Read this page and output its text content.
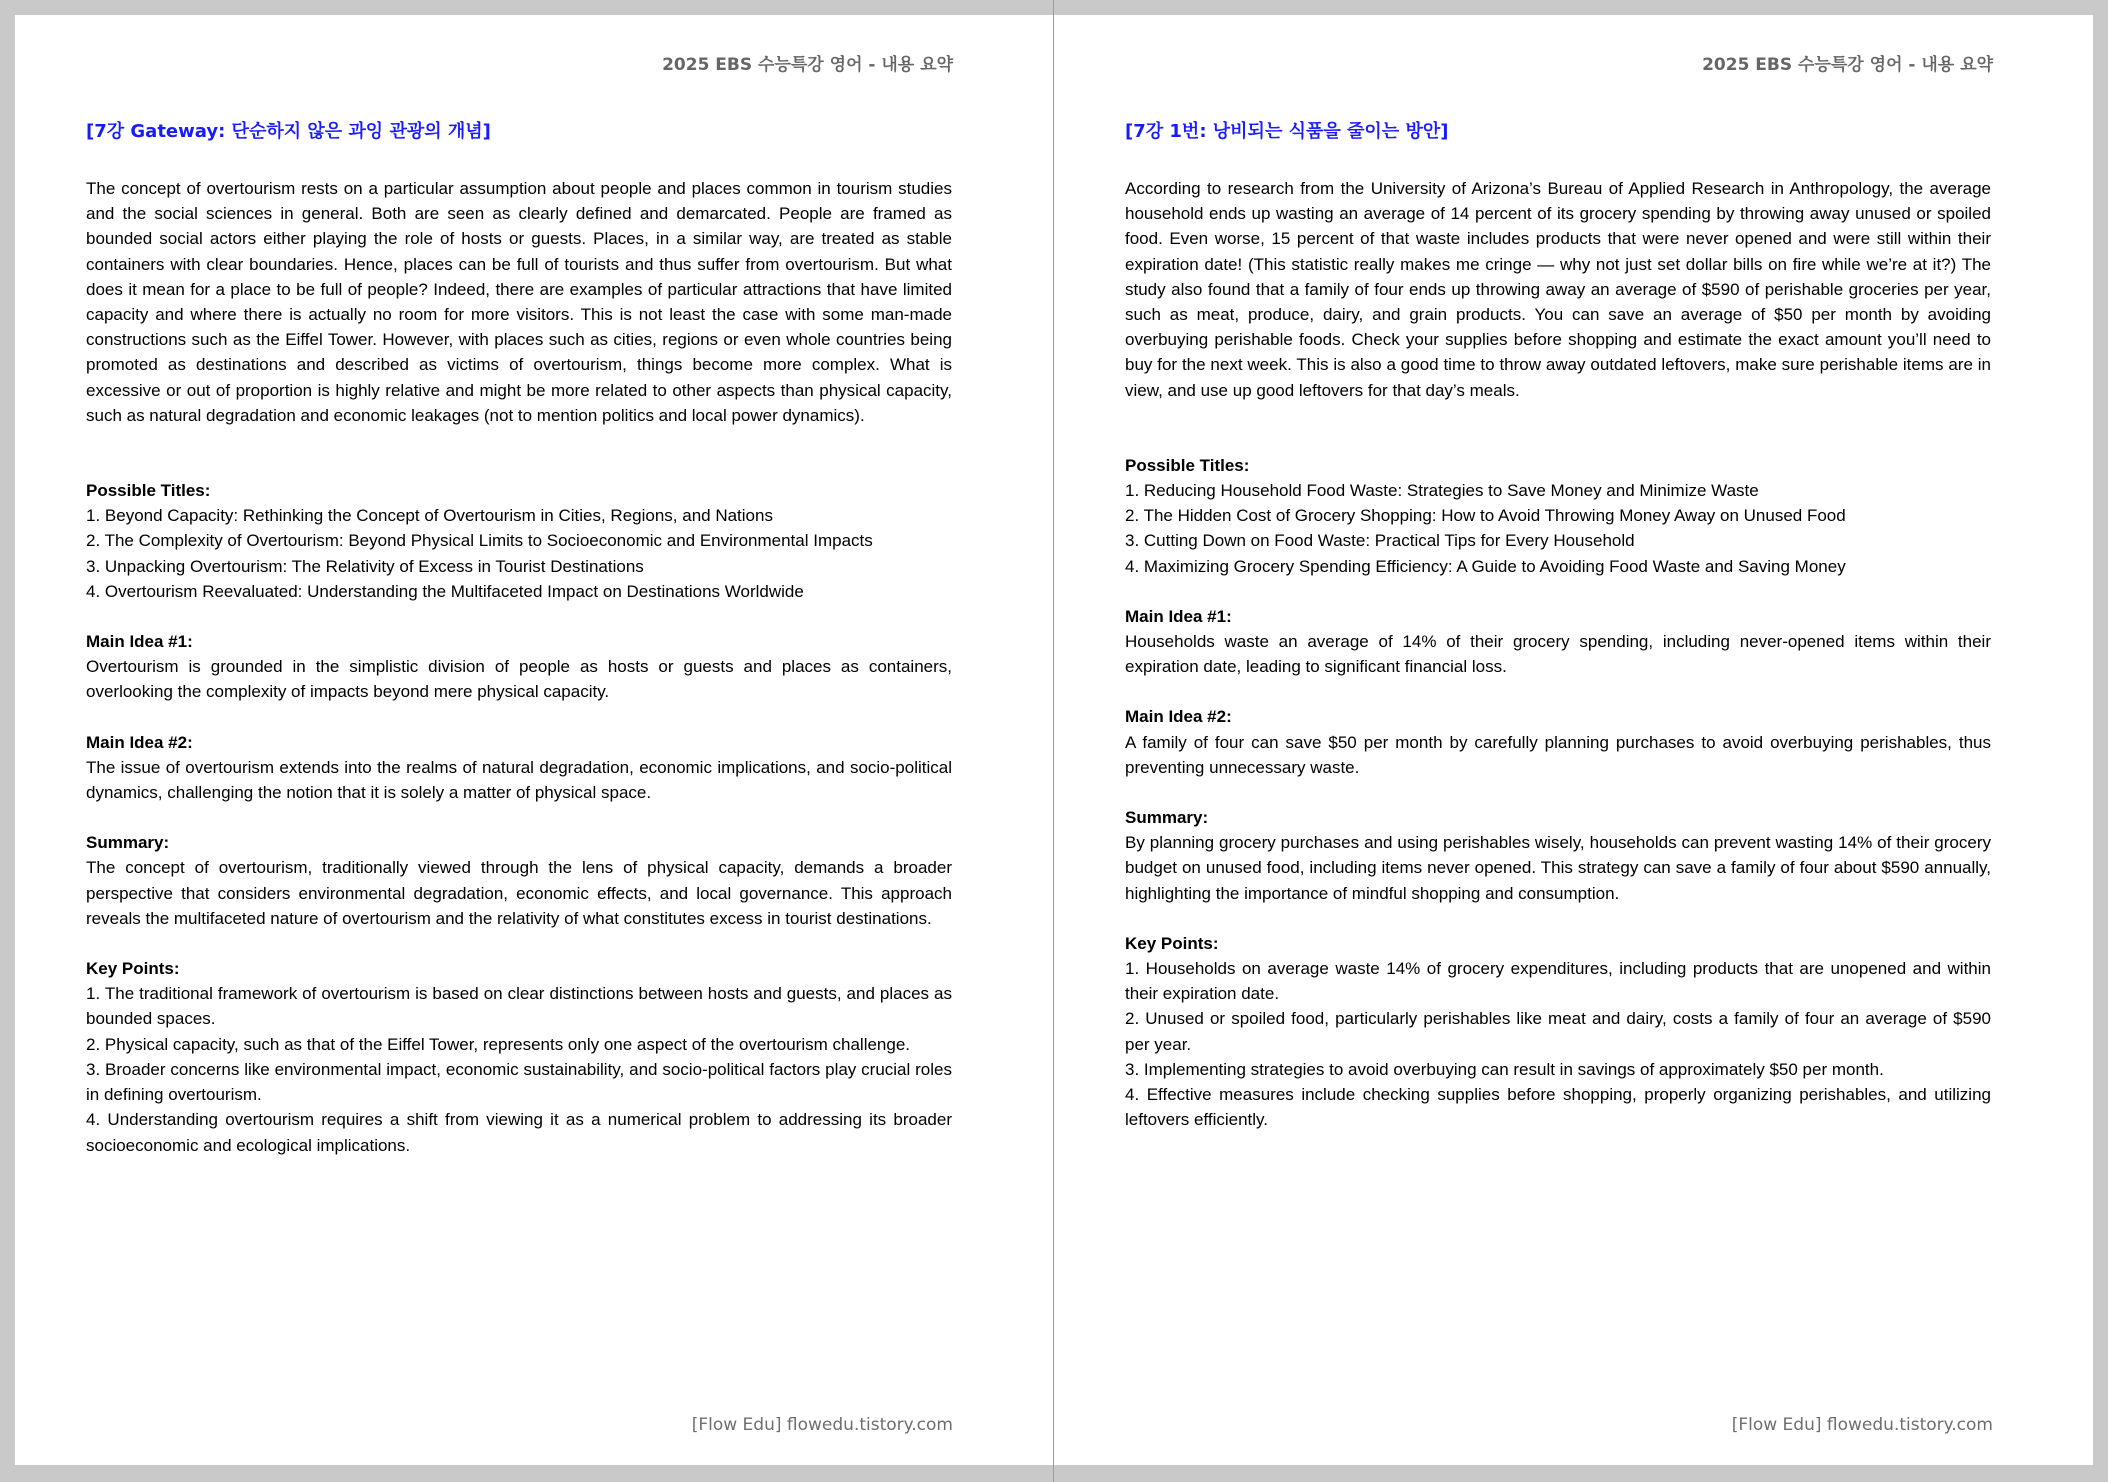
2025 EBS 수능특강 영어 - 내용 요약
[7강 Gateway: 단순하지 않은 과잉 관광의 개념]

The concept of overtourism rests on a particular assumption about people and places common in tourism studies and the social sciences in general. Both are seen as clearly defined and demarcated. People are framed as bounded social actors either playing the role of hosts or guests. Places, in a similar way, are treated as stable containers with clear boundaries. Hence, places can be full of tourists and thus suffer from overtourism. But what does it mean for a place to be full of people? Indeed, there are examples of particular attractions that have limited capacity and where there is actually no room for more visitors. This is not least the case with some man-made constructions such as the Eiffel Tower. However, with places such as cities, regions or even whole countries being promoted as destinations and described as victims of overtourism, things become more complex. What is excessive or out of proportion is highly relative and might be more related to other aspects than physical capacity, such as natural degradation and economic leakages (not to mention politics and local power dynamics).

Possible Titles:

1. Beyond Capacity: Rethinking the Concept of Overtourism in Cities, Regions, and Nations

2. The Complexity of Overtourism: Beyond Physical Limits to Socioeconomic and Environmental Impacts

3. Unpacking Overtourism: The Relativity of Excess in Tourist Destinations

4. Overtourism Reevaluated: Understanding the Multifaceted Impact on Destinations Worldwide

Main Idea #1:

Overtourism is grounded in the simplistic division of people as hosts or guests and places as containers, overlooking the complexity of impacts beyond mere physical capacity.

Main Idea #2:

The issue of overtourism extends into the realms of natural degradation, economic implications, and socio-political dynamics, challenging the notion that it is solely a matter of physical space.

Summary:

The concept of overtourism, traditionally viewed through the lens of physical capacity, demands a broader perspective that considers environmental degradation, economic effects, and local governance. This approach reveals the multifaceted nature of overtourism and the relativity of what constitutes excess in tourist destinations.

Key Points:

1. The traditional framework of overtourism is based on clear distinctions between hosts and guests, and places as bounded spaces.

2. Physical capacity, such as that of the Eiffel Tower, represents only one aspect of the overtourism challenge.

3. Broader concerns like environmental impact, economic sustainability, and socio-political factors play crucial roles in defining overtourism.

4. Understanding overtourism requires a shift from viewing it as a numerical problem to addressing its broader socioeconomic and ecological implications.

[Flow Edu] flowedu.tistory.com
2025 EBS 수능특강 영어 - 내용 요약
[7강 1번: 낭비되는 식품을 줄이는 방안]

According to research from the University of Arizona’s Bureau of Applied Research in Anthropology, the average household ends up wasting an average of 14 percent of its grocery spending by throwing away unused or spoiled food. Even worse, 15 percent of that waste includes products that were never opened and were still within their expiration date! (This statistic really makes me cringe — why not just set dollar bills on fire while we’re at it?) The study also found that a family of four ends up throwing away an average of $590 of perishable groceries per year, such as meat, produce, dairy, and grain products. You can save an average of $50 per month by avoiding overbuying perishable foods. Check your supplies before shopping and estimate the exact amount you’ll need to buy for the next week. This is also a good time to throw away outdated leftovers, make sure perishable items are in view, and use up good leftovers for that day’s meals.

Possible Titles:

1. Reducing Household Food Waste: Strategies to Save Money and Minimize Waste

2. The Hidden Cost of Grocery Shopping: How to Avoid Throwing Money Away on Unused Food

3. Cutting Down on Food Waste: Practical Tips for Every Household

4. Maximizing Grocery Spending Efficiency: A Guide to Avoiding Food Waste and Saving Money

Main Idea #1:

Households waste an average of 14% of their grocery spending, including never-opened items within their expiration date, leading to significant financial loss.

Main Idea #2:

A family of four can save $50 per month by carefully planning purchases to avoid overbuying perishables, thus preventing unnecessary waste.

Summary:

By planning grocery purchases and using perishables wisely, households can prevent wasting 14% of their grocery budget on unused food, including items never opened. This strategy can save a family of four about $590 annually, highlighting the importance of mindful shopping and consumption.

Key Points:

1. Households on average waste 14% of grocery expenditures, including products that are unopened and within their expiration date.

2. Unused or spoiled food, particularly perishables like meat and dairy, costs a family of four an average of $590 per year.

3. Implementing strategies to avoid overbuying can result in savings of approximately $50 per month.

4. Effective measures include checking supplies before shopping, properly organizing perishables, and utilizing leftovers efficiently.

[Flow Edu] flowedu.tistory.com
